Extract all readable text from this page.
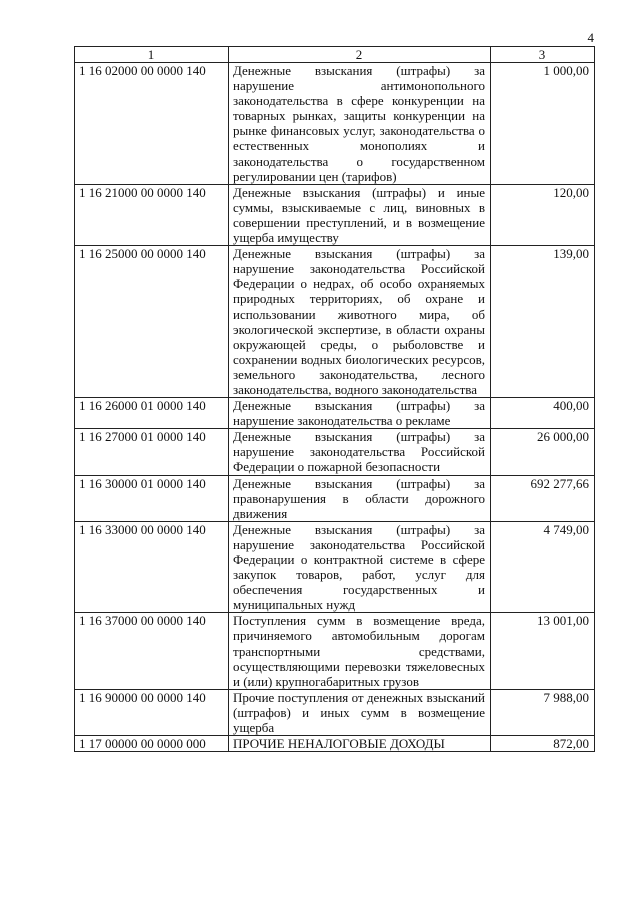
4
1	2	3
1 16 02000 00 0000 140	Денежные взыскания (штрафы) за нарушение антимонопольного законодательства в сфере конкуренции на товарных рынках, защиты конкуренции на рынке финансовых услуг, законодательства о естественных монополиях и законодательства о государственном регулировании цен (тарифов)	1 000,00
1 16 21000 00 0000 140	Денежные взыскания (штрафы) и иные суммы, взыскиваемые с лиц, виновных в совершении преступлений, и в возмещение ущерба имуществу	120,00
1 16 25000 00 0000 140	Денежные взыскания (штрафы) за нарушение законодательства Российской Федерации о недрах, об особо охраняемых природных территориях, об охране и использовании животного мира, об экологической экспертизе, в области охраны окружающей среды, о рыболовстве и сохранении водных биологических ресурсов, земельного законодательства, лесного законодательства, водного законодательства	139,00
1 16 26000 01 0000 140	Денежные взыскания (штрафы) за нарушение законодательства о рекламе	400,00
1 16 27000 01 0000 140	Денежные взыскания (штрафы) за нарушение законодательства Российской Федерации о пожарной безопасности	26 000,00
1 16 30000 01 0000 140	Денежные взыскания (штрафы) за правонарушения в области дорожного движения	692 277,66
1 16 33000 00 0000 140	Денежные взыскания (штрафы) за нарушение законодательства Российской Федерации о контрактной системе в сфере закупок товаров, работ, услуг для обеспечения государственных и муниципальных нужд	4 749,00
1 16 37000 00 0000 140	Поступления сумм в возмещение вреда, причиняемого автомобильным дорогам транспортными средствами, осуществляющими перевозки тяжеловесных и (или) крупногабаритных грузов	13 001,00
1 16 90000 00 0000 140	Прочие поступления от денежных взысканий (штрафов) и иных сумм в возмещение ущерба	7 988,00
1 17 00000 00 0000 000	ПРОЧИЕ НЕНАЛОГОВЫЕ ДОХОДЫ	872,00
